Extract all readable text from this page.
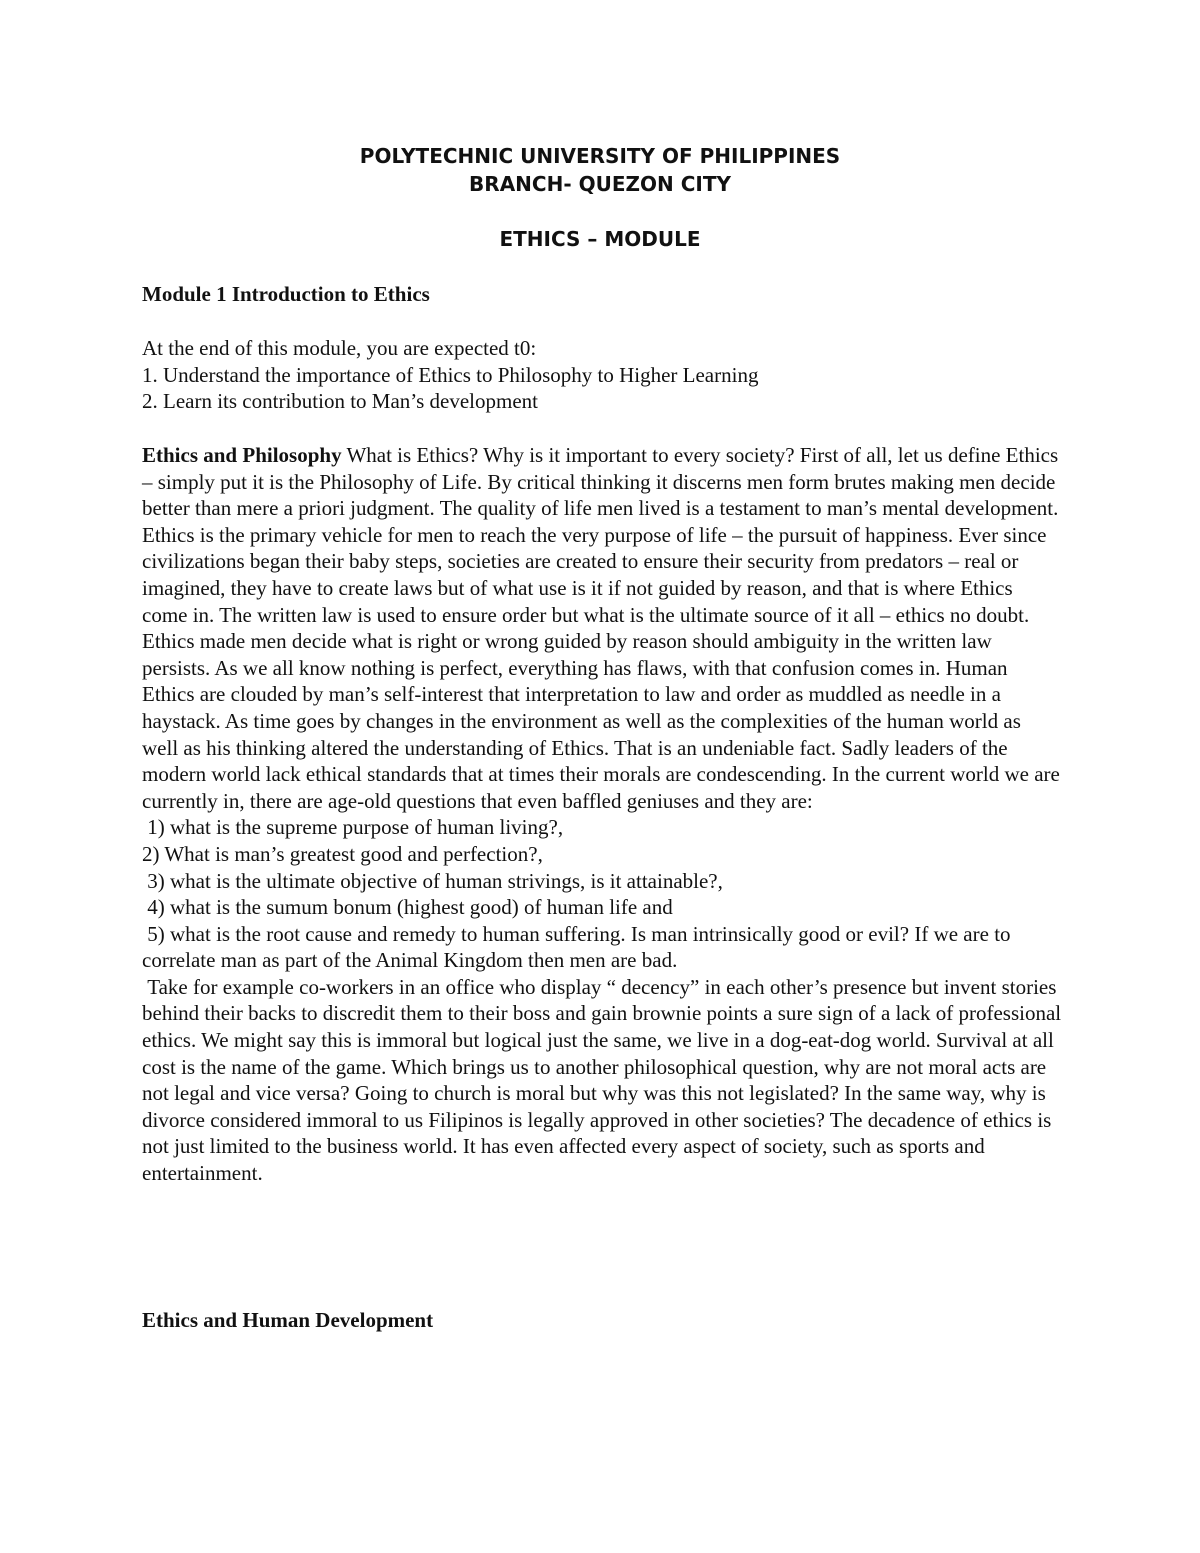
POLYTECHNIC UNIVERSITY OF PHILIPPINES
BRANCH- QUEZON CITY
ETHICS – MODULE
Module 1 Introduction to Ethics

At the end of this module, you are expected t0:

1. Understand the importance of Ethics to Philosophy to Higher Learning

2. Learn its contribution to Man’s development

Ethics and Philosophy What is Ethics? Why is it important to every society? First of all, let us define Ethics – simply put it is the Philosophy of Life. By critical thinking it discerns men form brutes making men decide better than mere a priori judgment. The quality of life men lived is a testament to man’s mental development. Ethics is the primary vehicle for men to reach the very purpose of life – the pursuit of happiness. Ever since civilizations began their baby steps, societies are created to ensure their security from predators – real or imagined, they have to create laws but of what use is it if not guided by reason, and that is where Ethics come in. The written law is used to ensure order but what is the ultimate source of it all – ethics no doubt. Ethics made men decide what is right or wrong guided by reason should ambiguity in the written law persists. As we all know nothing is perfect, everything has flaws, with that confusion comes in. Human Ethics are clouded by man’s self-interest that interpretation to law and order as muddled as needle in a haystack. As time goes by changes in the environment as well as the complexities of the human world as well as his thinking altered the understanding of Ethics. That is an undeniable fact. Sadly leaders of the modern world lack ethical standards that at times their morals are condescending. In the current world we are currently in, there are age-old questions that even baffled geniuses and they are:

1) what is the supreme purpose of human living?,

2) What is man’s greatest good and perfection?,

3) what is the ultimate objective of human strivings, is it attainable?,

4) what is the sumum bonum (highest good) of human life and

5) what is the root cause and remedy to human suffering. Is man intrinsically good or evil? If we are to correlate man as part of the Animal Kingdom then men are bad.

Take for example co-workers in an office who display “ decency” in each other’s presence but invent stories behind their backs to discredit them to their boss and gain brownie points a sure sign of a lack of professional ethics. We might say this is immoral but logical just the same, we live in a dog-eat-dog world. Survival at all cost is the name of the game. Which brings us to another philosophical question, why are not moral acts are not legal and vice versa? Going to church is moral but why was this not legislated? In the same way, why is divorce considered immoral to us Filipinos is legally approved in other societies? The decadence of ethics is not just limited to the business world. It has even affected every aspect of society, such as sports and entertainment.

Ethics and Human Development
